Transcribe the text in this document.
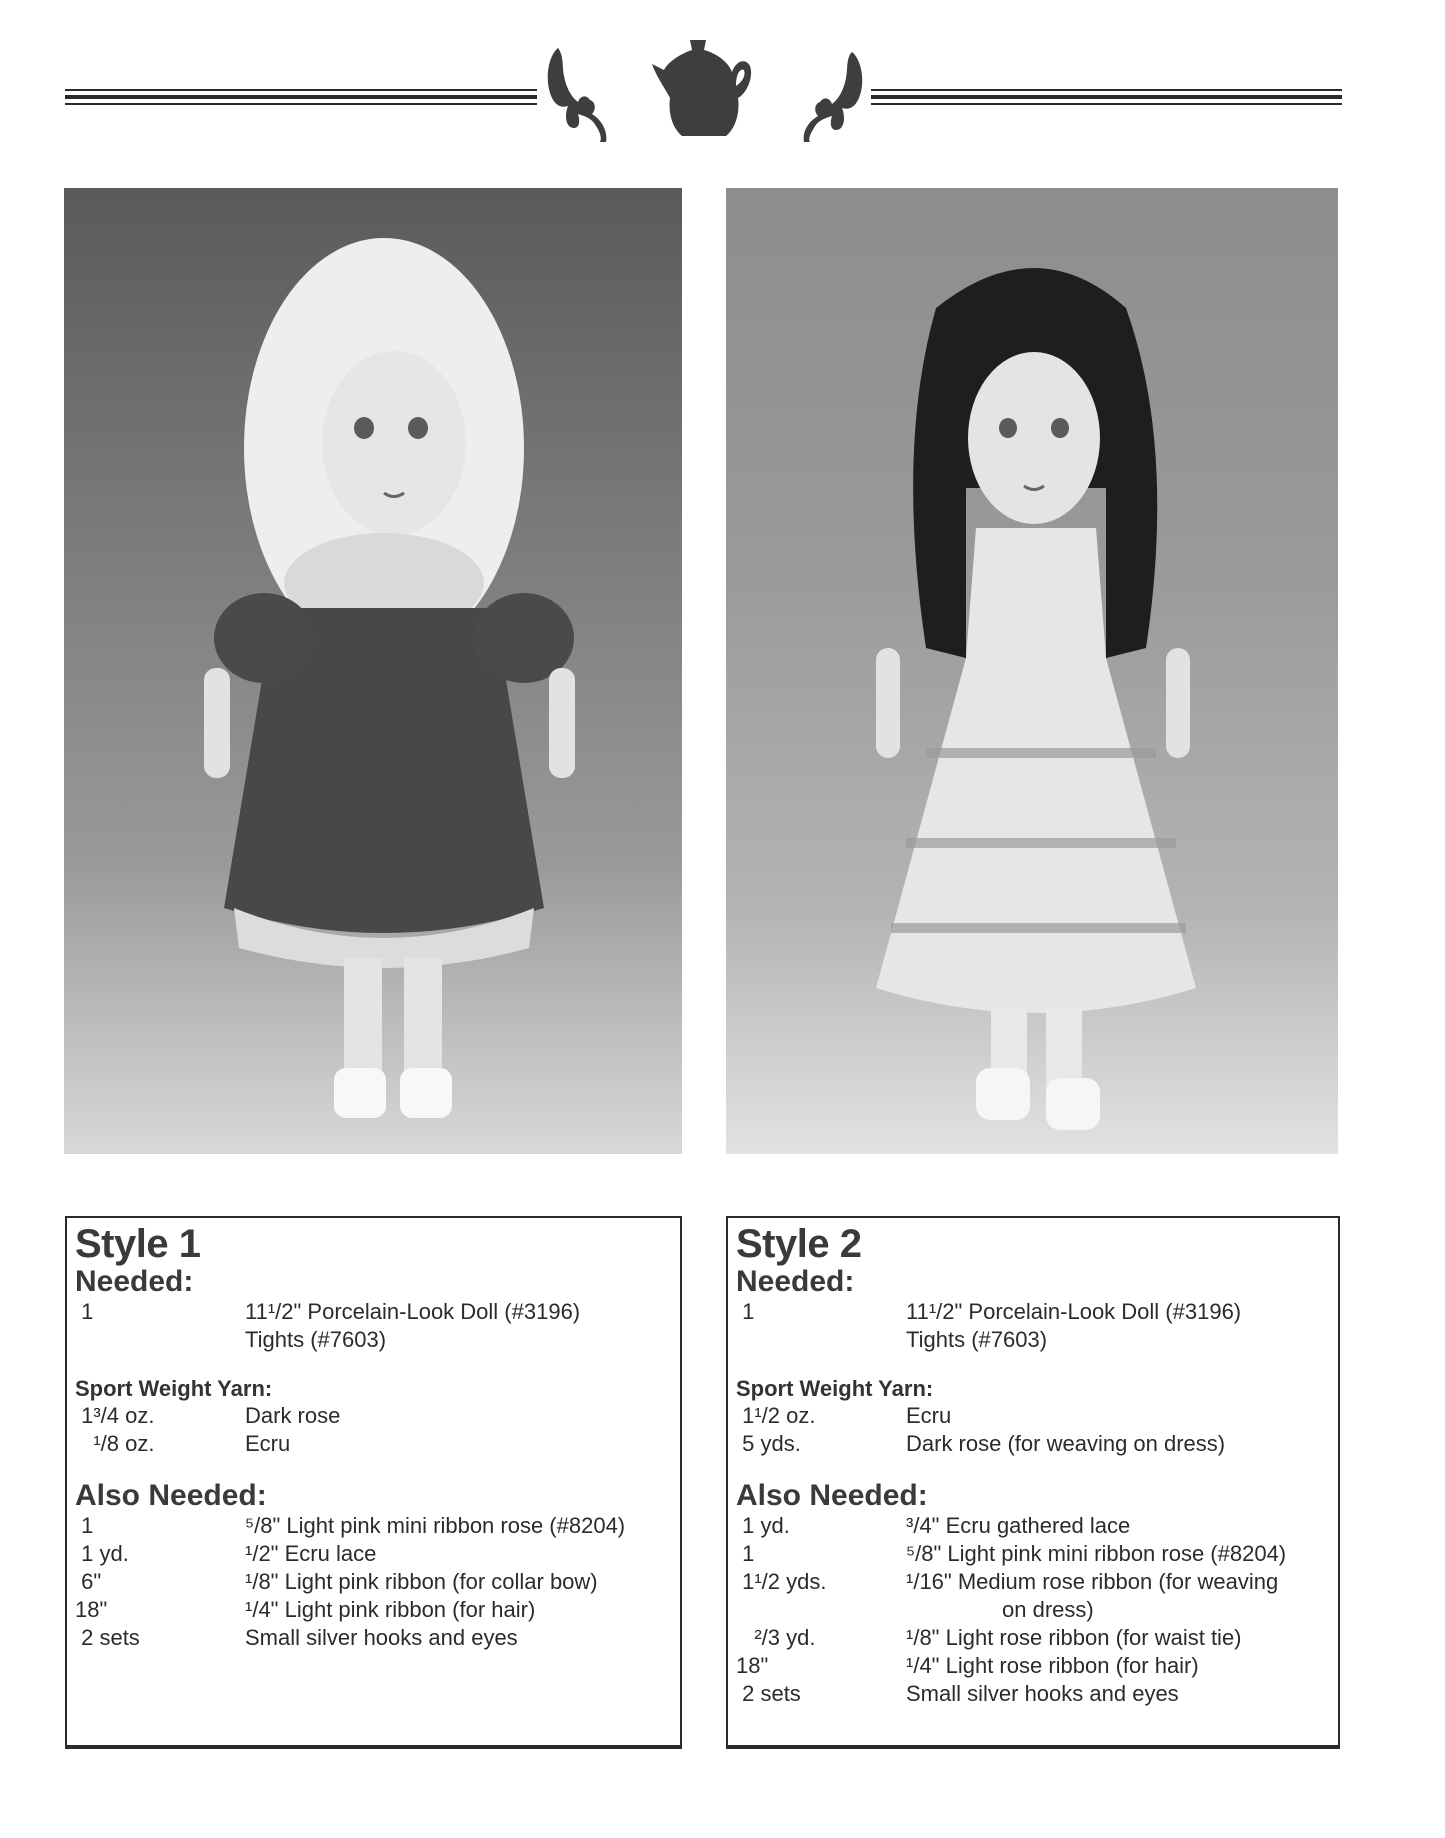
Style 1
Needed:
1	11¹/2" Porcelain-Look Doll (#3196)
Tights (#7603)
Sport Weight Yarn:
1³/4 oz.	Dark rose
¹/8 oz.	Ecru
Also Needed:
1	⁵/8" Light pink mini ribbon rose (#8204)
1 yd.	¹/2" Ecru lace
6"	¹/8" Light pink ribbon (for collar bow)
18"	¹/4" Light pink ribbon (for hair)
2 sets	Small silver hooks and eyes
Style 2
Needed:
1	11¹/2" Porcelain-Look Doll (#3196)
Tights (#7603)
Sport Weight Yarn:
1¹/2 oz.	Ecru
5 yds.	Dark rose (for weaving on dress)
Also Needed:
1 yd.	³/4" Ecru gathered lace
1	⁵/8" Light pink mini ribbon rose (#8204)
1¹/2 yds.	¹/16" Medium rose ribbon (for weaving
on dress)
²/3 yd.	¹/8" Light rose ribbon (for waist tie)
18"	¹/4" Light rose ribbon (for hair)
2 sets	Small silver hooks and eyes
